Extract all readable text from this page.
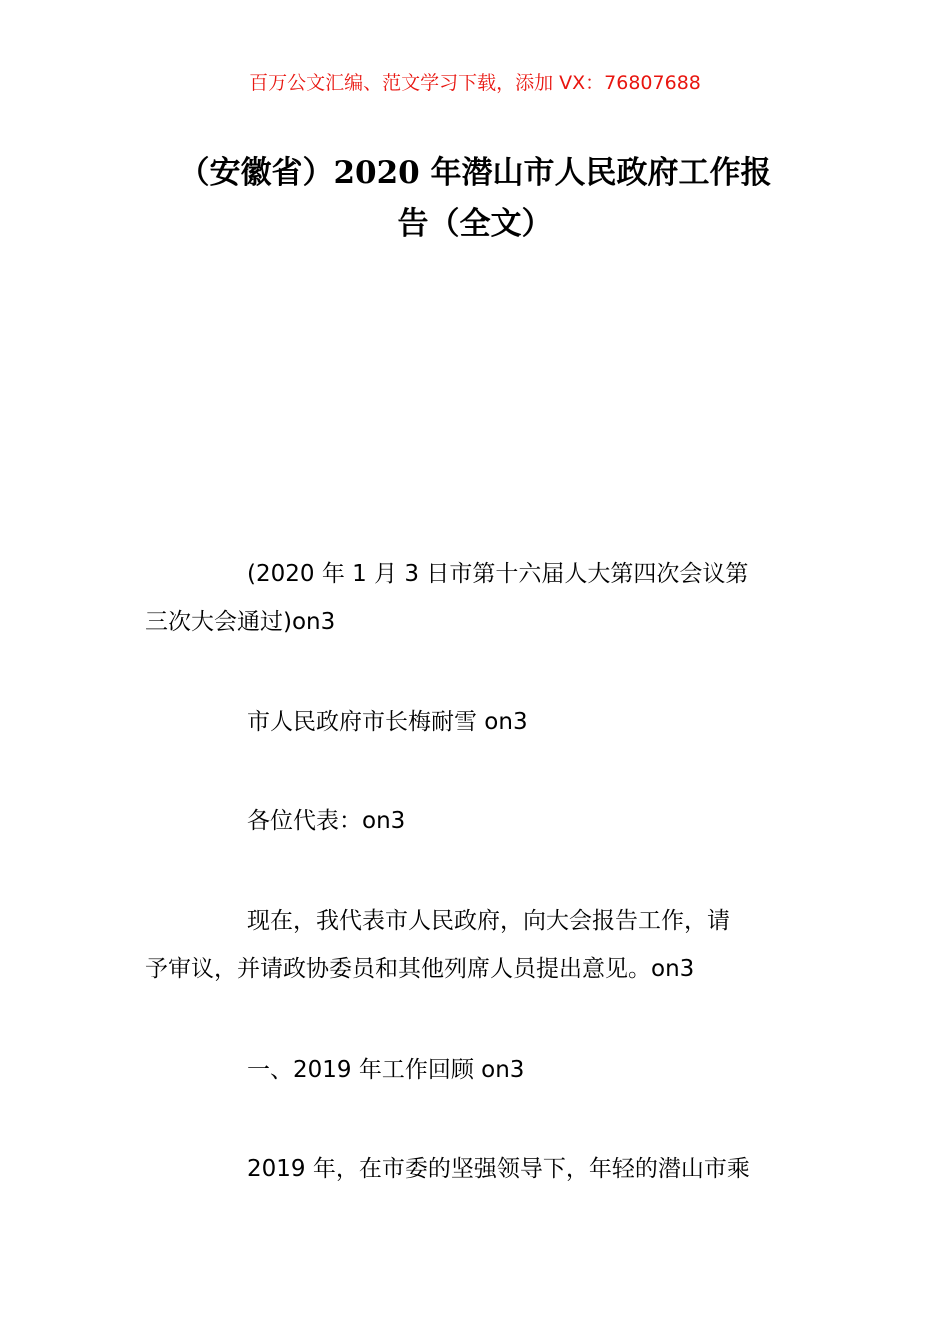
百万公文汇编、范文学习下载，添加 VX：76807688
（安徽省）2020 年潜山市人民政府工作报
告（全文）
(2020 年 1 月 3 日市第十六届人大第四次会议第
三次大会通过)on3
市人民政府市长梅耐雪 on3
各位代表：on3
现在，我代表市人民政府，向大会报告工作，请
予审议，并请政协委员和其他列席人员提出意见。on3
一、2019 年工作回顾 on3
2019 年，在市委的坚强领导下，年轻的潜山市乘
